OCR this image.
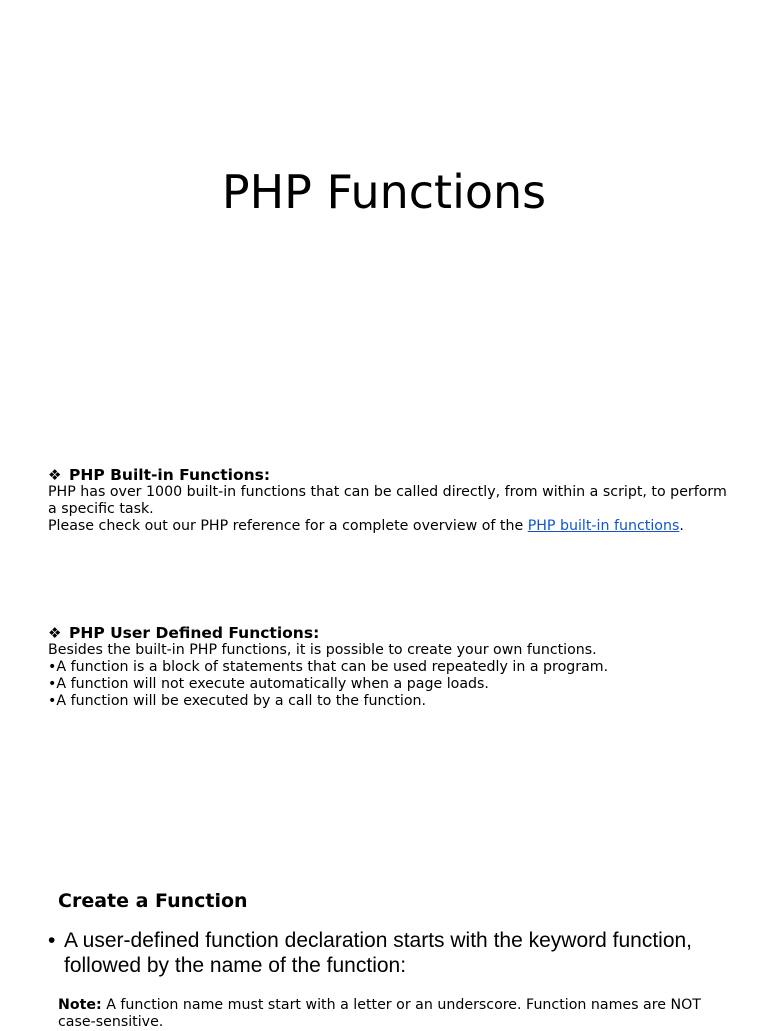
PHP Functions
❖ PHP Built-in Functions:
PHP has over 1000 built-in functions that can be called directly, from within a script, to perform a specific task.
Please check out our PHP reference for a complete overview of the PHP built-in functions.
❖ PHP User Defined Functions:
Besides the built-in PHP functions, it is possible to create your own functions.
•A function is a block of statements that can be used repeatedly in a program.
•A function will not execute automatically when a page loads.
•A function will be executed by a call to the function.
Create a Function
• A user-defined function declaration starts with the keyword function, followed by the name of the function:
Note: A function name must start with a letter or an underscore. Function names are NOT case-sensitive.
